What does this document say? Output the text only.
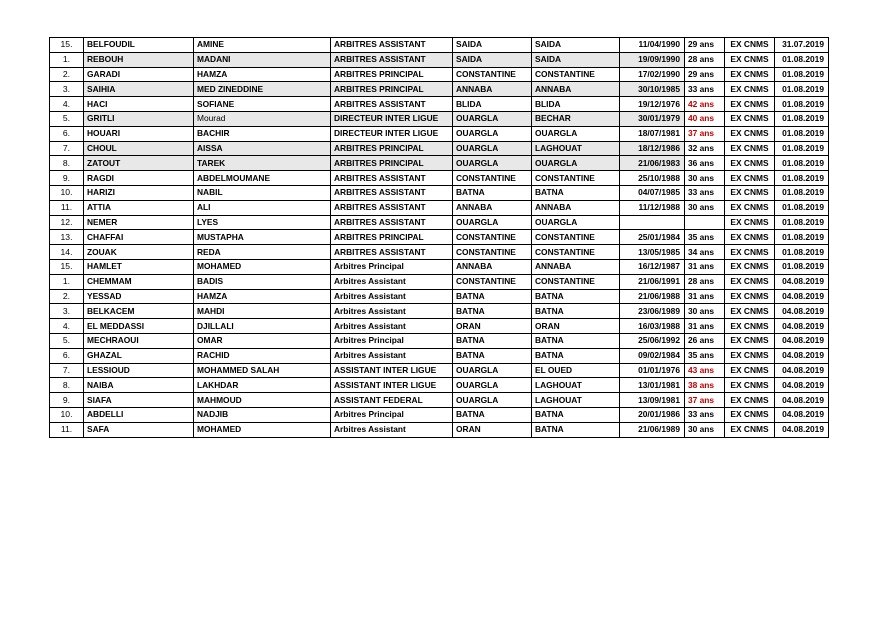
15.	BELFOUDIL	AMINE	ARBITRES ASSISTANT	SAIDA	SAIDA	11/04/1990	29 ans	EX CNMS	31.07.2019
1.	REBOUH	MADANI	ARBITRES ASSISTANT	SAIDA	SAIDA	19/09/1990	28 ans	EX CNMS	01.08.2019
2.	GARADI	HAMZA	ARBITRES PRINCIPAL	CONSTANTINE	CONSTANTINE	17/02/1990	29 ans	EX CNMS	01.08.2019
3.	SAIHIA	MED ZINEDDINE	ARBITRES PRINCIPAL	ANNABA	ANNABA	30/10/1985	33 ans	EX CNMS	01.08.2019
4.	HACI	SOFIANE	ARBITRES ASSISTANT	BLIDA	BLIDA	19/12/1976	42 ans	EX CNMS	01.08.2019
5.	GRITLI	Mourad	DIRECTEUR INTER LIGUE	OUARGLA	BECHAR	30/01/1979	40 ans	EX CNMS	01.08.2019
6.	HOUARI	BACHIR	DIRECTEUR INTER LIGUE	OUARGLA	OUARGLA	18/07/1981	37 ans	EX CNMS	01.08.2019
7.	CHOUL	AISSA	ARBITRES PRINCIPAL	OUARGLA	LAGHOUAT	18/12/1986	32 ans	EX CNMS	01.08.2019
8.	ZATOUT	TAREK	ARBITRES PRINCIPAL	OUARGLA	OUARGLA	21/06/1983	36 ans	EX CNMS	01.08.2019
9.	RAGDI	ABDELMOUMANE	ARBITRES ASSISTANT	CONSTANTINE	CONSTANTINE	25/10/1988	30 ans	EX CNMS	01.08.2019
10.	HARIZI	NABIL	ARBITRES ASSISTANT	BATNA	BATNA	04/07/1985	33 ans	EX CNMS	01.08.2019
11.	ATTIA	ALI	ARBITRES ASSISTANT	ANNABA	ANNABA	11/12/1988	30 ans	EX CNMS	01.08.2019
12.	NEMER	LYES	ARBITRES ASSISTANT	OUARGLA	OUARGLA			EX CNMS	01.08.2019
13.	CHAFFAI	MUSTAPHA	ARBITRES PRINCIPAL	CONSTANTINE	CONSTANTINE	25/01/1984	35 ans	EX CNMS	01.08.2019
14.	ZOUAK	REDA	ARBITRES ASSISTANT	CONSTANTINE	CONSTANTINE	13/05/1985	34 ans	EX CNMS	01.08.2019
15.	HAMLET	MOHAMED	Arbitres Principal	ANNABA	ANNABA	16/12/1987	31 ans	EX CNMS	01.08.2019
1.	CHEMMAM	BADIS	Arbitres Assistant	CONSTANTINE	CONSTANTINE	21/06/1991	28 ans	EX CNMS	04.08.2019
2.	YESSAD	HAMZA	Arbitres Assistant	BATNA	BATNA	21/06/1988	31 ans	EX CNMS	04.08.2019
3.	BELKACEM	MAHDI	Arbitres Assistant	BATNA	BATNA	23/06/1989	30 ans	EX CNMS	04.08.2019
4.	EL MEDDASSI	DJILLALI	Arbitres Assistant	ORAN	ORAN	16/03/1988	31 ans	EX CNMS	04.08.2019
5.	MECHRAOUI	OMAR	Arbitres Principal	BATNA	BATNA	25/06/1992	26 ans	EX CNMS	04.08.2019
6.	GHAZAL	RACHID	Arbitres Assistant	BATNA	BATNA	09/02/1984	35 ans	EX CNMS	04.08.2019
7.	LESSIOUD	MOHAMMED SALAH	ASSISTANT INTER LIGUE	OUARGLA	EL OUED	01/01/1976	43 ans	EX CNMS	04.08.2019
8.	NAIBA	LAKHDAR	ASSISTANT INTER LIGUE	OUARGLA	LAGHOUAT	13/01/1981	38 ans	EX CNMS	04.08.2019
9.	SIAFA	MAHMOUD	ASSISTANT FEDERAL	OUARGLA	LAGHOUAT	13/09/1981	37 ans	EX CNMS	04.08.2019
10.	ABDELLI	NADJIB	Arbitres Principal	BATNA	BATNA	20/01/1986	33 ans	EX CNMS	04.08.2019
11.	SAFA	MOHAMED	Arbitres Assistant	ORAN	BATNA	21/06/1989	30 ans	EX CNMS	04.08.2019
